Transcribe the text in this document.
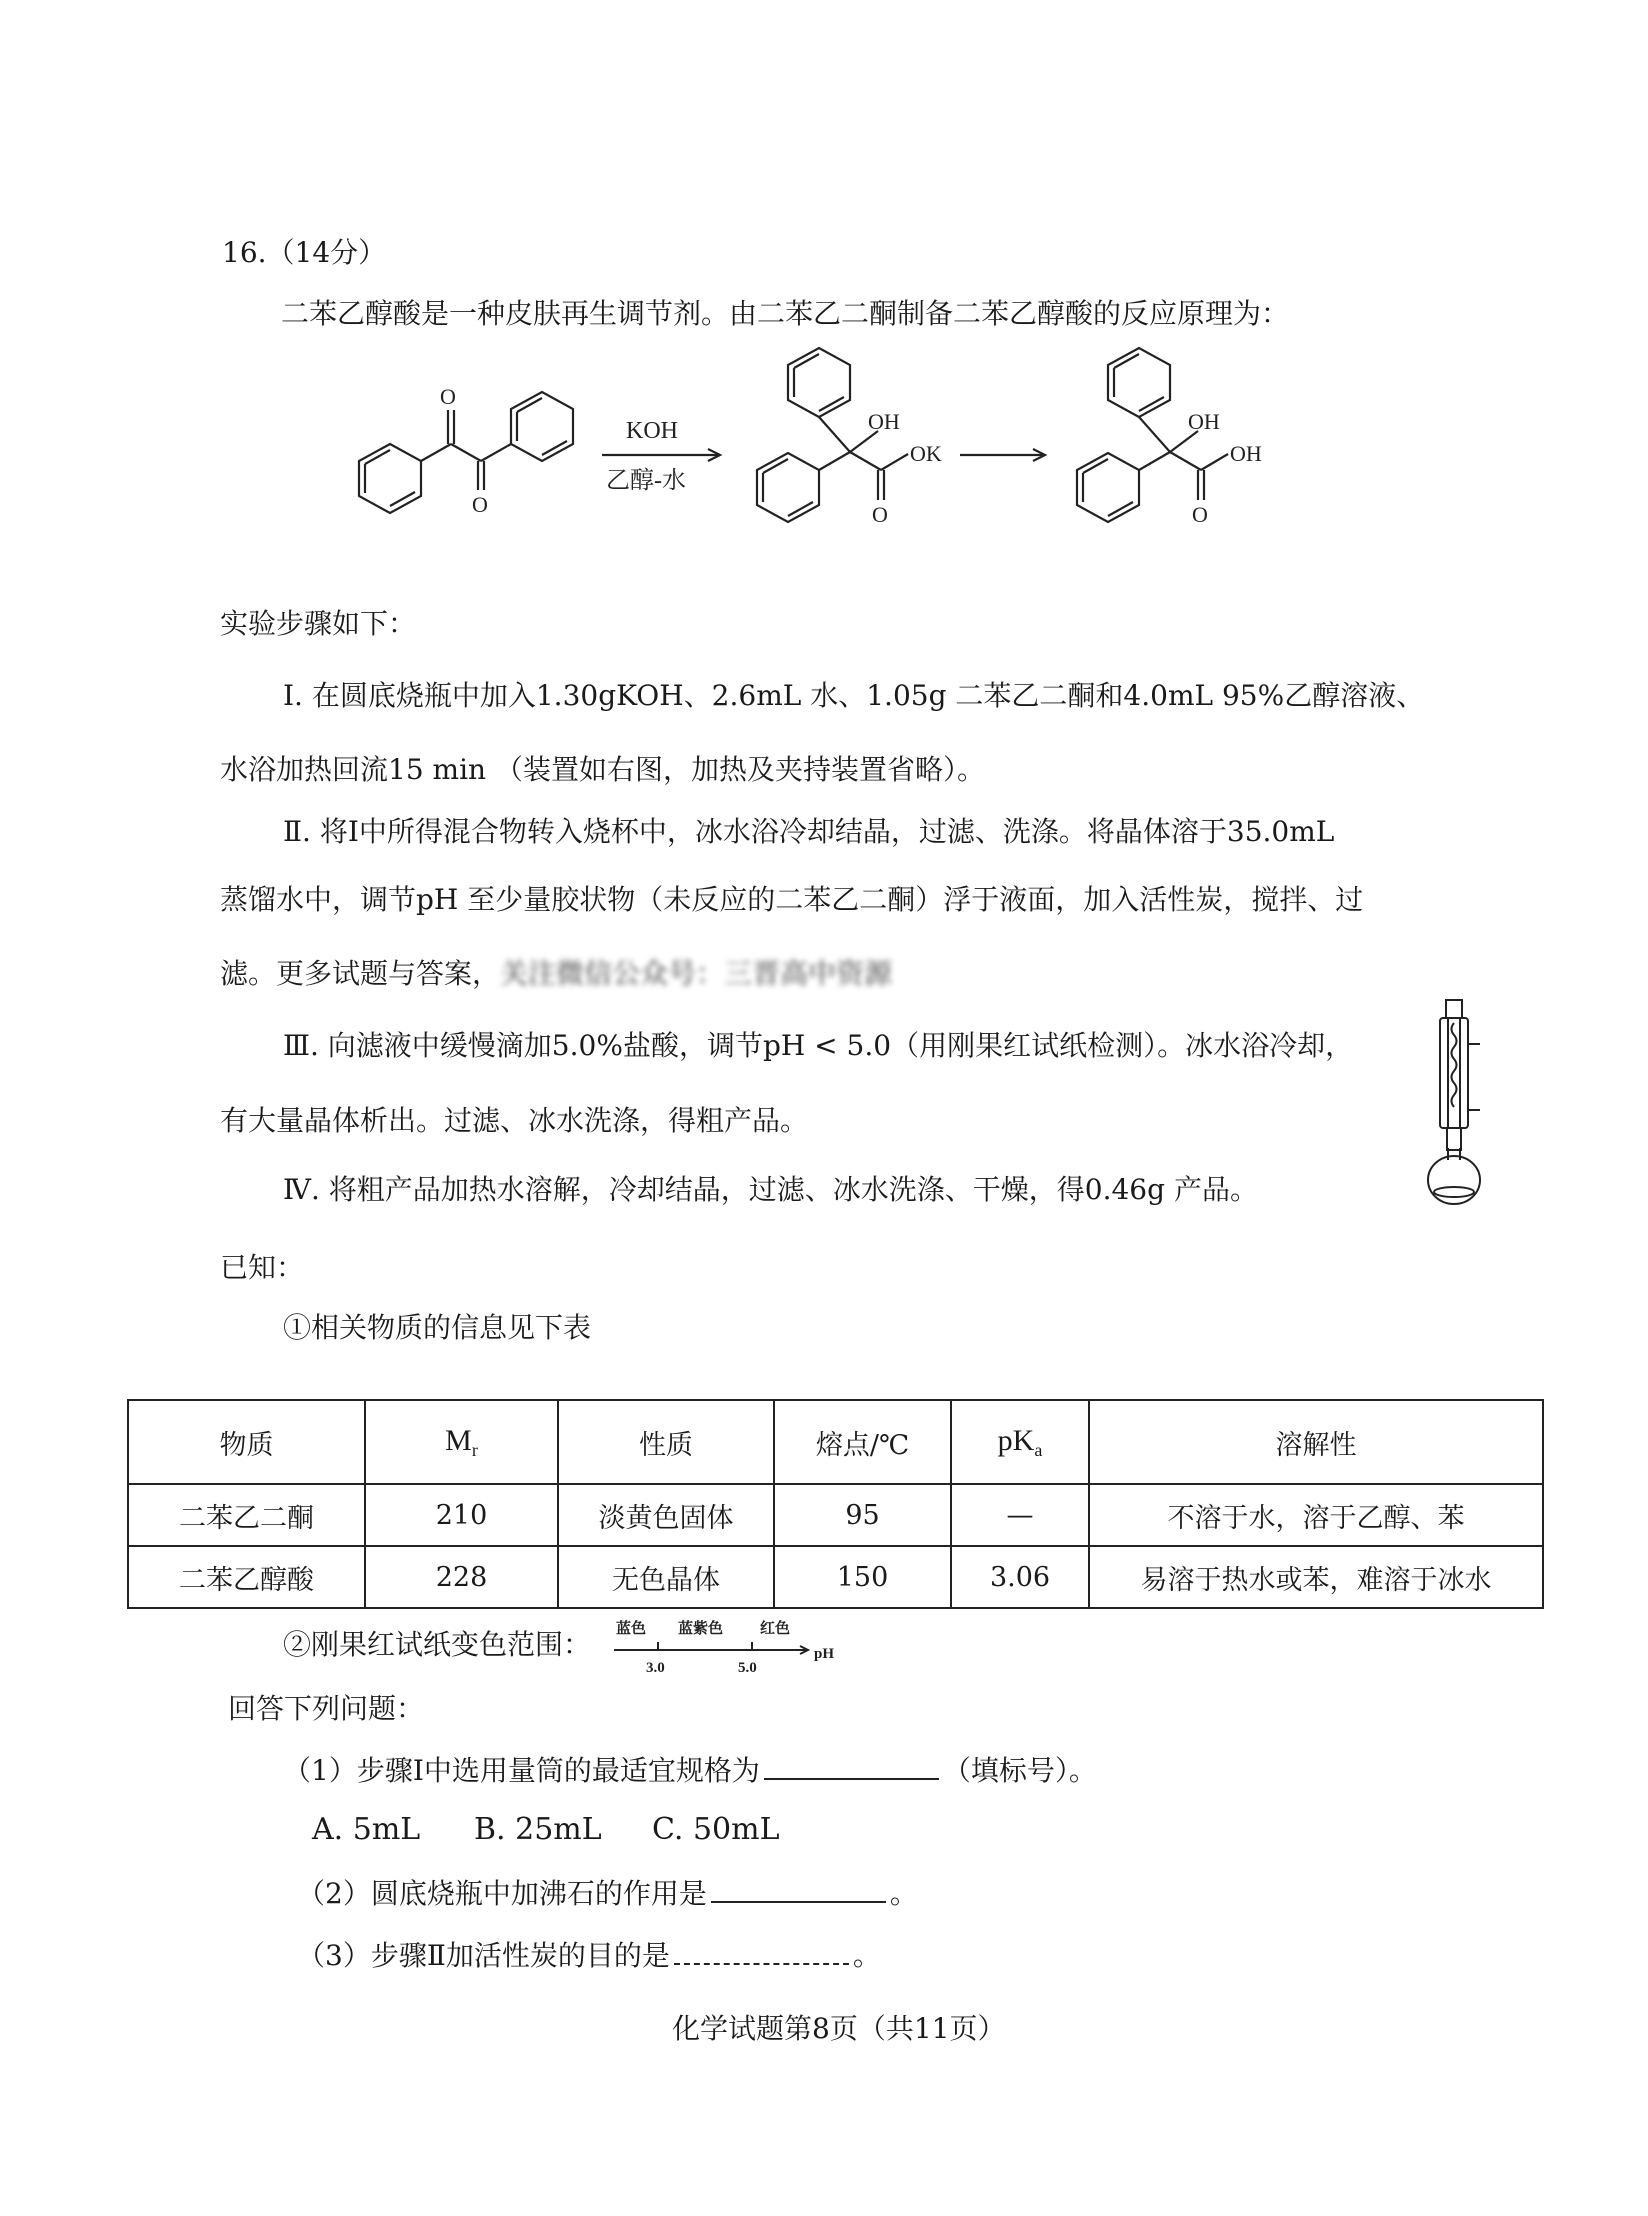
16.（14分）
二苯乙醇酸是一种皮肤再生调节剂。由二苯乙二酮制备二苯乙醇酸的反应原理为：
O
O
KOH
乙醇-水
OH
OK
O
OH
OH
O
实验步骤如下：
Ⅰ. 在圆底烧瓶中加入1.30gKOH、2.6mL 水、1.05g 二苯乙二酮和4.0mL 95%乙醇溶液、
水浴加热回流15 min （装置如右图，加热及夹持装置省略）。
Ⅱ. 将Ⅰ中所得混合物转入烧杯中，冰水浴冷却结晶，过滤、洗涤。将晶体溶于35.0mL
蒸馏水中，调节pH 至少量胶状物（未反应的二苯乙二酮）浮于液面，加入活性炭，搅拌、过
滤。更多试题与答案，关注微信公众号：三晋高中资源
Ⅲ. 向滤液中缓慢滴加5.0%盐酸，调节pH < 5.0（用刚果红试纸检测）。冰水浴冷却，
有大量晶体析出。过滤、冰水洗涤，得粗产品。
Ⅳ. 将粗产品加热水溶解，冷却结晶，过滤、冰水洗涤、干燥，得0.46g 产品。
已知：
①相关物质的信息见下表
物质	$M_r$	性质	熔点/℃	$pK_a$	溶解性
二苯乙二酮	210	淡黄色固体	95	—	不溶于水，溶于乙醇、苯
二苯乙醇酸	228	无色晶体	150	3.06	易溶于热水或苯，难溶于冰水
②刚果红试纸变色范围： 蓝色 蓝紫色 红色
3.0	5.0
pH
回答下列问题：
（1）步骤Ⅰ中选用量筒的最适宜规格为	（填标号）。
A. 5mL B. 25mL C. 50mL
（2）圆底烧瓶中加沸石的作用是	。
（3）步骤Ⅱ加活性炭的目的是	。
化学试题第8页（共11页）
